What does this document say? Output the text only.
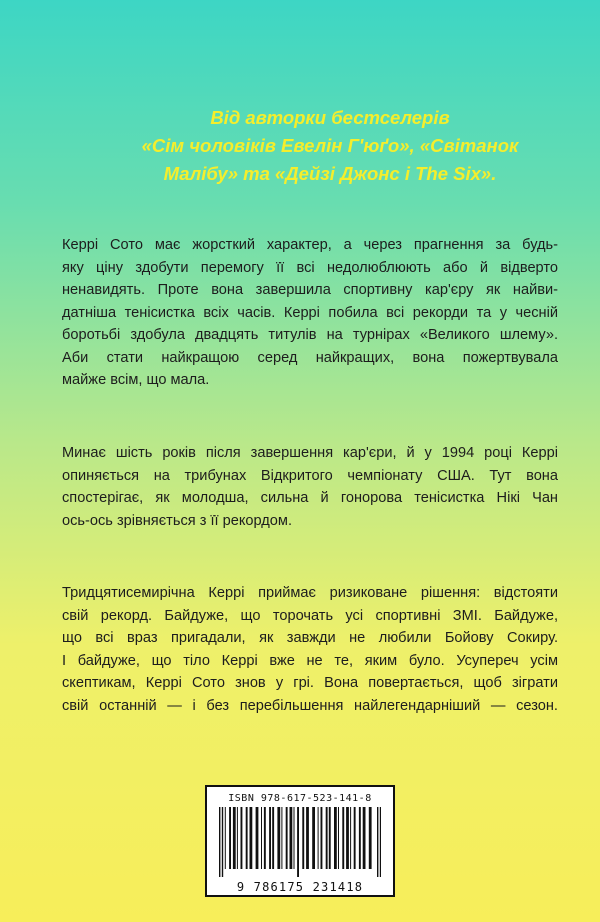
Від авторки бестселерів
«Сім чоловіків Евелін Г'юґо», «Світанок
Малібу» та «Дейзі Джонс і The Six».
Керрі Сото має жорсткий характер, а через прагнення за будь-
яку ціну здобути перемогу її всі недолюблюють або й відверто
ненавидять. Проте вона завершила спортивну кар'єру як найви-
датніша тенісистка всіх часів. Керрі побила всі рекорди та у чесній
боротьбі здобула двадцять титулів на турнірах «Великого шлему».
Аби стати найкращою серед найкращих, вона пожертвувала
майже всім, що мала.
Минає шість років після завершення кар'єри, й у 1994 році Керрі
опиняється на трибунах Відкритого чемпіонату США. Тут вона
спостерігає, як молодша, сильна й гонорова тенісистка Нікі Чан
ось-ось зрівняється з її рекордом.
Тридцятисемирічна Керрі приймає ризиковане рішення: відстояти
свій рекорд. Байдуже, що торочать усі спортивні ЗМІ. Байдуже,
що всі враз пригадали, як завжди не любили Бойову Сокиру.
І байдуже, що тіло Керрі вже не те, яким було. Усупереч усім
скептикам, Керрі Сото знов у грі. Вона повертається, щоб зіграти
свій останній — і без перебільшення найлегендарніший — сезон.
ISBN 978-617-523-141-8
9 786175 231418
